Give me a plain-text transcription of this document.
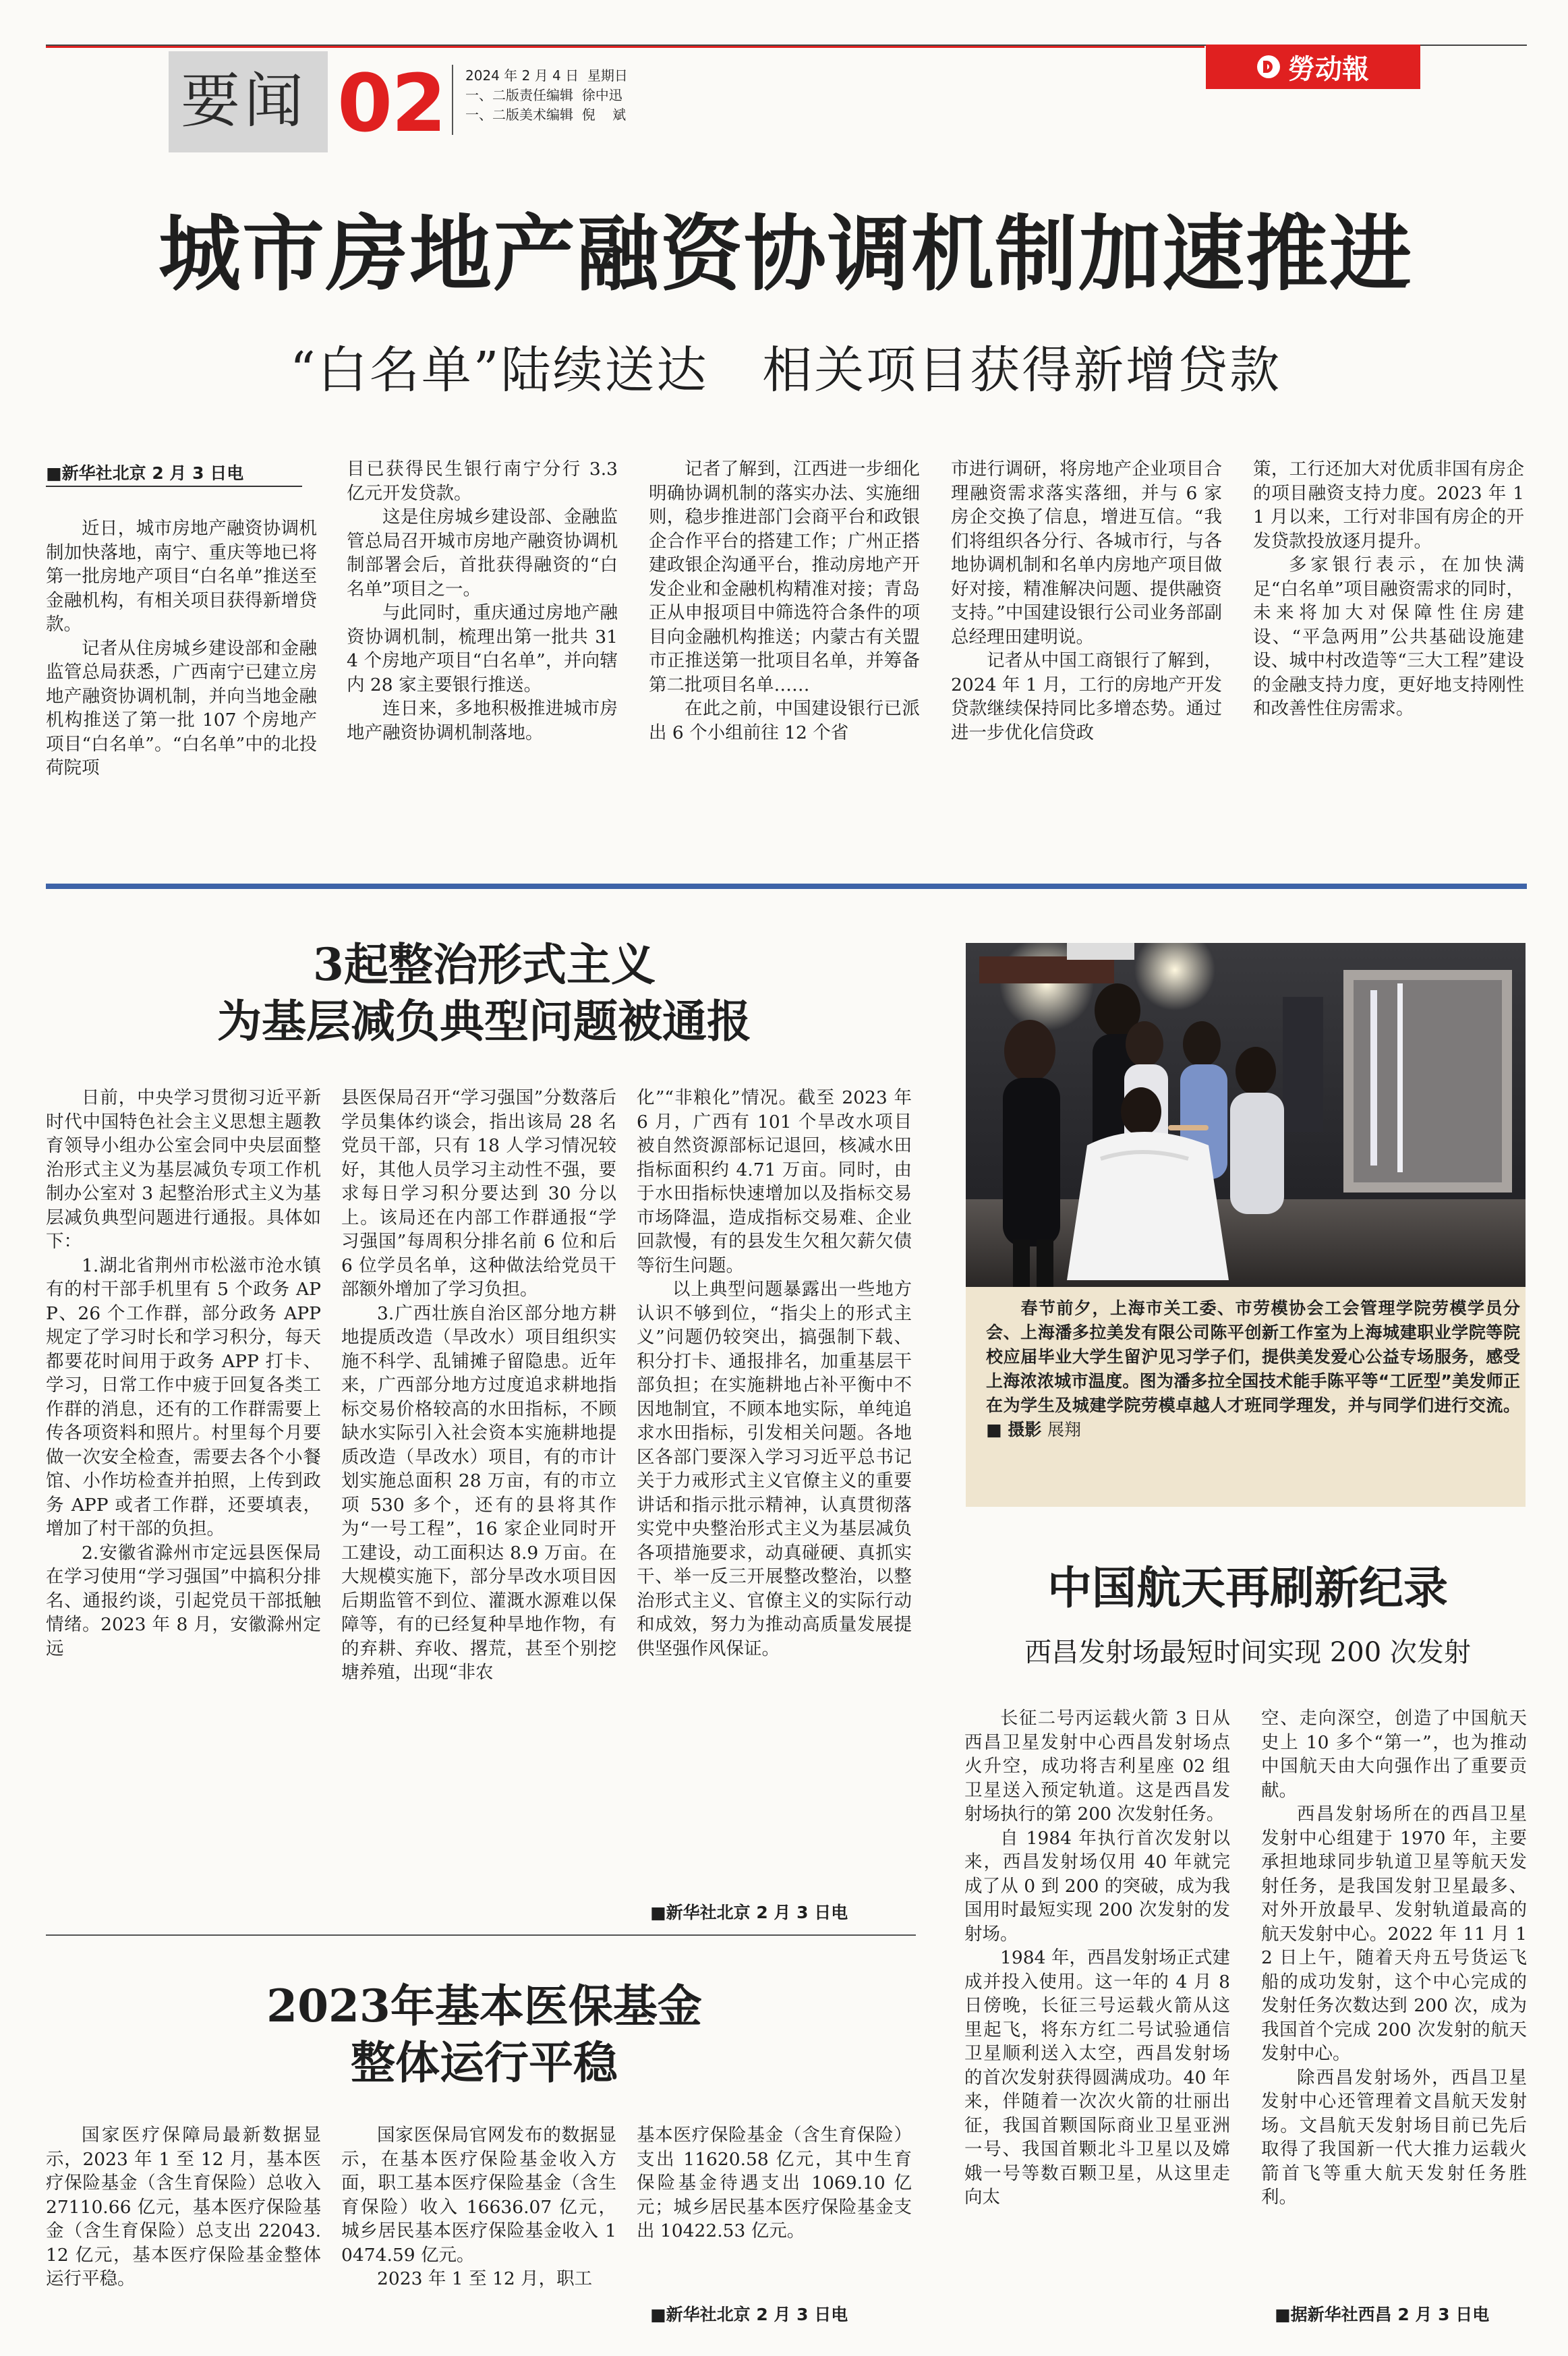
要闻 02 2024 年 2 月 4 日  星期日
一、二版责任编辑  徐中迅
一、二版美术编辑  倪    斌
勞动報
城市房地产融资协调机制加速推进
“白名单”陆续送达   相关项目获得新增贷款
■新华社北京 2 月 3 日电

近日，城市房地产融资协调机制加快落地，南宁、重庆等地已将第一批房地产项目“白名单”推送至金融机构，有相关项目获得新增贷款。

记者从住房城乡建设部和金融监管总局获悉，广西南宁已建立房地产融资协调机制，并向当地金融机构推送了第一批 107 个房地产项目“白名单”。“白名单”中的北投荷院项

目已获得民生银行南宁分行 3.3 亿元开发贷款。

这是住房城乡建设部、金融监管总局召开城市房地产融资协调机制部署会后，首批获得融资的“白名单”项目之一。

与此同时，重庆通过房地产融资协调机制，梳理出第一批共 314 个房地产项目“白名单”，并向辖内 28 家主要银行推送。

连日来，多地积极推进城市房地产融资协调机制落地。

记者了解到，江西进一步细化明确协调机制的落实办法、实施细则，稳步推进部门会商平台和政银企合作平台的搭建工作；广州正搭建政银企沟通平台，推动房地产开发企业和金融机构精准对接；青岛正从申报项目中筛选符合条件的项目向金融机构推送；内蒙古有关盟市正推送第一批项目名单，并筹备第二批项目名单……

在此之前，中国建设银行已派出 6 个小组前往 12 个省

市进行调研，将房地产企业项目合理融资需求落实落细，并与 6 家房企交换了信息，增进互信。“我们将组织各分行、各城市行，与各地协调机制和名单内房地产项目做好对接，精准解决问题、提供融资支持。”中国建设银行公司业务部副总经理田建明说。

记者从中国工商银行了解到，2024 年 1 月，工行的房地产开发贷款继续保持同比多增态势。通过进一步优化信贷政

策，工行还加大对优质非国有房企的项目融资支持力度。2023 年 11 月以来，工行对非国有房企的开发贷款投放逐月提升。

多家银行表示，在加快满足“白名单”项目融资需求的同时，未来将加大对保障性住房建设、“平急两用”公共基础设施建设、城中村改造等“三大工程”建设的金融支持力度，更好地支持刚性和改善性住房需求。

3起整治形式主义
为基层减负典型问题被通报

日前，中央学习贯彻习近平新时代中国特色社会主义思想主题教育领导小组办公室会同中央层面整治形式主义为基层减负专项工作机制办公室对 3 起整治形式主义为基层减负典型问题进行通报。具体如下：

1.湖北省荆州市松滋市沧水镇有的村干部手机里有 5 个政务 APP、26 个工作群，部分政务 APP 规定了学习时长和学习积分，每天都要花时间用于政务 APP 打卡、学习，日常工作中疲于回复各类工作群的消息，还有的工作群需要上传各项资料和照片。村里每个月要做一次安全检查，需要去各个小餐馆、小作坊检查并拍照，上传到政务 APP 或者工作群，还要填表，增加了村干部的负担。

2.安徽省滁州市定远县医保局在学习使用“学习强国”中搞积分排名、通报约谈，引起党员干部抵触情绪。2023 年 8 月，安徽滁州定远

县医保局召开“学习强国”分数落后学员集体约谈会，指出该局 28 名党员干部，只有 18 人学习情况较好，其他人员学习主动性不强，要求每日学习积分要达到 30 分以上。该局还在内部工作群通报“学习强国”每周积分排名前 6 位和后 6 位学员名单，这种做法给党员干部额外增加了学习负担。

3.广西壮族自治区部分地方耕地提质改造（旱改水）项目组织实施不科学、乱铺摊子留隐患。近年来，广西部分地方过度追求耕地指标交易价格较高的水田指标，不顾缺水实际引入社会资本实施耕地提质改造（旱改水）项目，有的市计划实施总面积 28 万亩，有的市立项 530 多个，还有的县将其作为“一号工程”，16 家企业同时开工建设，动工面积达 8.9 万亩。在大规模实施下，部分旱改水项目因后期监管不到位、灌溉水源难以保障等，有的已经复种旱地作物，有的弃耕、弃收、撂荒，甚至个别挖塘养殖，出现“非农

化”“非粮化”情况。截至 2023 年 6 月，广西有 101 个旱改水项目被自然资源部标记退回，核减水田指标面积约 4.71 万亩。同时，由于水田指标快速增加以及指标交易市场降温，造成指标交易难、企业回款慢，有的县发生欠租欠薪欠债等衍生问题。

以上典型问题暴露出一些地方认识不够到位，“指尖上的形式主义”问题仍较突出，搞强制下载、积分打卡、通报排名，加重基层干部负担；在实施耕地占补平衡中不因地制宜，不顾本地实际，单纯追求水田指标，引发相关问题。各地区各部门要深入学习习近平总书记关于力戒形式主义官僚主义的重要讲话和指示批示精神，认真贯彻落实党中央整治形式主义为基层减负各项措施要求，动真碰硬、真抓实干、举一反三开展整改整治，以整治形式主义、官僚主义的实际行动和成效，努力为推动高质量发展提供坚强作风保证。

■新华社北京 2 月 3 日电
2023年基本医保基金
整体运行平稳

国家医疗保障局最新数据显示，2023 年 1 至 12 月，基本医疗保险基金（含生育保险）总收入 27110.66 亿元，基本医疗保险基金（含生育保险）总支出 22043.12 亿元，基本医疗保险基金整体运行平稳。

国家医保局官网发布的数据显示，在基本医疗保险基金收入方面，职工基本医疗保险基金（含生育保险）收入 16636.07 亿元，城乡居民基本医疗保险基金收入 10474.59 亿元。

2023 年 1 至 12 月，职工

基本医疗保险基金（含生育保险）支出 11620.58 亿元，其中生育保险基金待遇支出 1069.10 亿元；城乡居民基本医疗保险基金支出 10422.53 亿元。

■新华社北京 2 月 3 日电
春节前夕，上海市关工委、市劳模协会工会管理学院劳模学员分会、上海潘多拉美发有限公司陈平创新工作室为上海城建职业学院等院校应届毕业大学生留沪见习学子们，提供美发爱心公益专场服务，感受上海浓浓城市温度。图为潘多拉全国技术能手陈平等“工匠型”美发师正在为学生及城建学院劳模卓越人才班同学理发，并与同学们进行交流。 ■ 摄影 展翔
中国航天再刷新纪录
西昌发射场最短时间实现 200 次发射

长征二号丙运载火箭 3 日从西昌卫星发射中心西昌发射场点火升空，成功将吉利星座 02 组卫星送入预定轨道。这是西昌发射场执行的第 200 次发射任务。

自 1984 年执行首次发射以来，西昌发射场仅用 40 年就完成了从 0 到 200 的突破，成为我国用时最短实现 200 次发射的发射场。

1984 年，西昌发射场正式建成并投入使用。这一年的 4 月 8 日傍晚，长征三号运载火箭从这里起飞，将东方红二号试验通信卫星顺利送入太空，西昌发射场的首次发射获得圆满成功。40 年来，伴随着一次次火箭的壮丽出征，我国首颗国际商业卫星亚洲一号、我国首颗北斗卫星以及嫦娥一号等数百颗卫星，从这里走向太

空、走向深空，创造了中国航天史上 10 多个“第一”，也为推动中国航天由大向强作出了重要贡献。

西昌发射场所在的西昌卫星发射中心组建于 1970 年，主要承担地球同步轨道卫星等航天发射任务，是我国发射卫星最多、对外开放最早、发射轨道最高的航天发射中心。2022 年 11 月 12 日上午，随着天舟五号货运飞船的成功发射，这个中心完成的发射任务次数达到 200 次，成为我国首个完成 200 次发射的航天发射中心。

除西昌发射场外，西昌卫星发射中心还管理着文昌航天发射场。文昌航天发射场目前已先后取得了我国新一代大推力运载火箭首飞等重大航天发射任务胜利。

■据新华社西昌 2 月 3 日电
